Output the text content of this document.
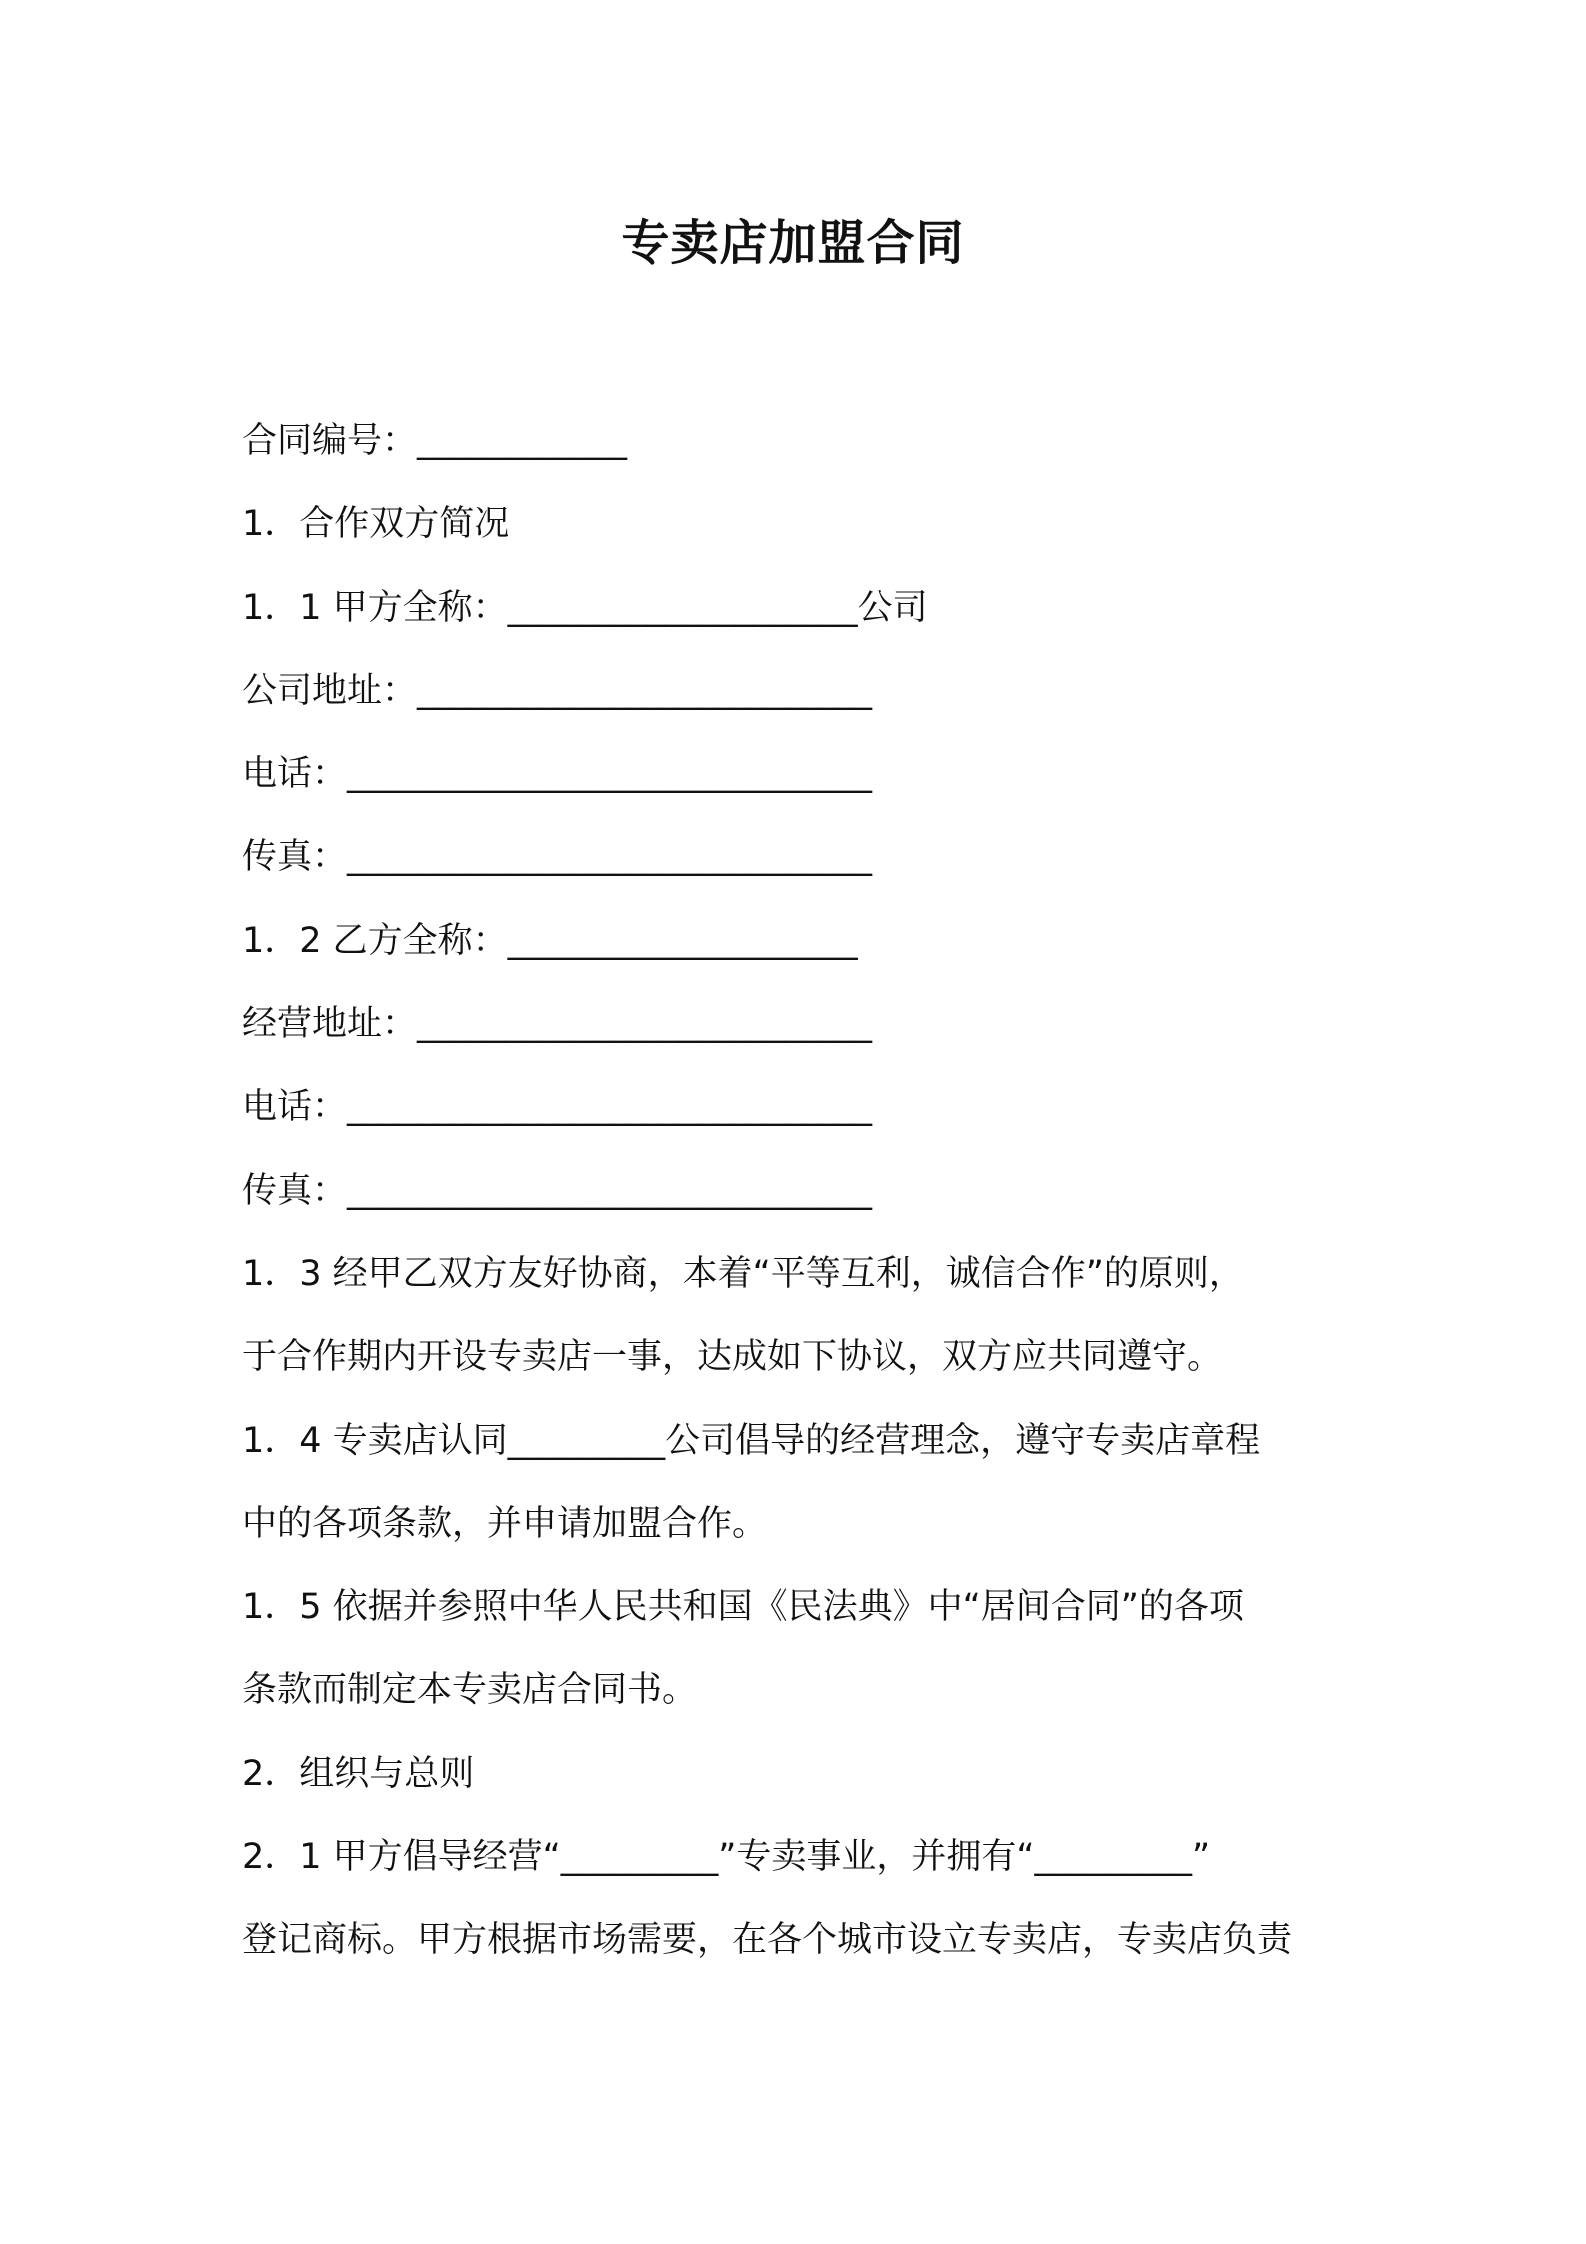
专卖店加盟合同
合同编号：____________
1．合作双方简况
1．1 甲方全称：____________________公司
公司地址：__________________________
电话：______________________________
传真：______________________________
1．2 乙方全称：____________________
经营地址：__________________________
电话：______________________________
传真：______________________________
1．3 经甲乙双方友好协商，本着“平等互利，诚信合作”的原则，
于合作期内开设专卖店一事，达成如下协议，双方应共同遵守。
1．4 专卖店认同_________公司倡导的经营理念，遵守专卖店章程
中的各项条款，并申请加盟合作。
1．5 依据并参照中华人民共和国《民法典》中“居间合同”的各项
条款而制定本专卖店合同书。
2．组织与总则
2．1 甲方倡导经营“_________”专卖事业，并拥有“_________”
登记商标。甲方根据市场需要，在各个城市设立专卖店，专卖店负责
